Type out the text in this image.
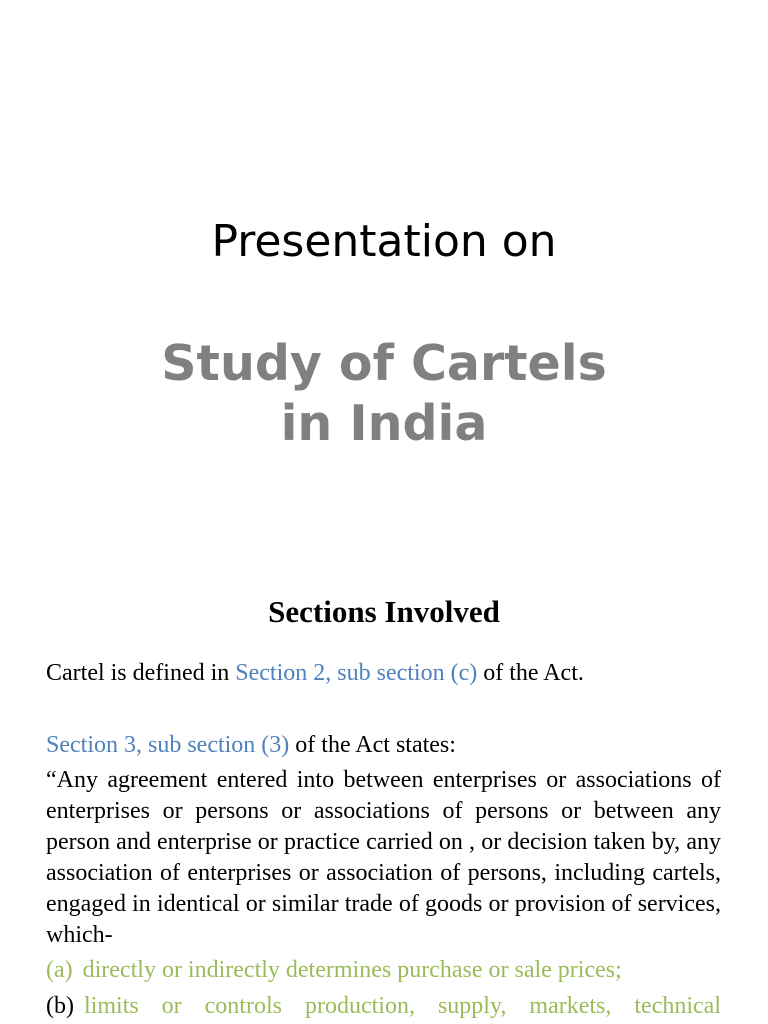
Presentation on
Study of Cartels
in India
Sections Involved
Cartel is defined in Section 2, sub section (c) of the Act.
Section 3, sub section (3) of the Act states:
“Any agreement entered into between enterprises or associations of enterprises or persons or associations of persons or between any person and enterprise or practice carried on , or decision taken by, any association of enterprises or association of persons, including cartels, engaged in identical or similar trade of goods or provision of services, which-
(a) directly or indirectly determines purchase or sale prices;
(b) limits or controls production, supply, markets, technical
